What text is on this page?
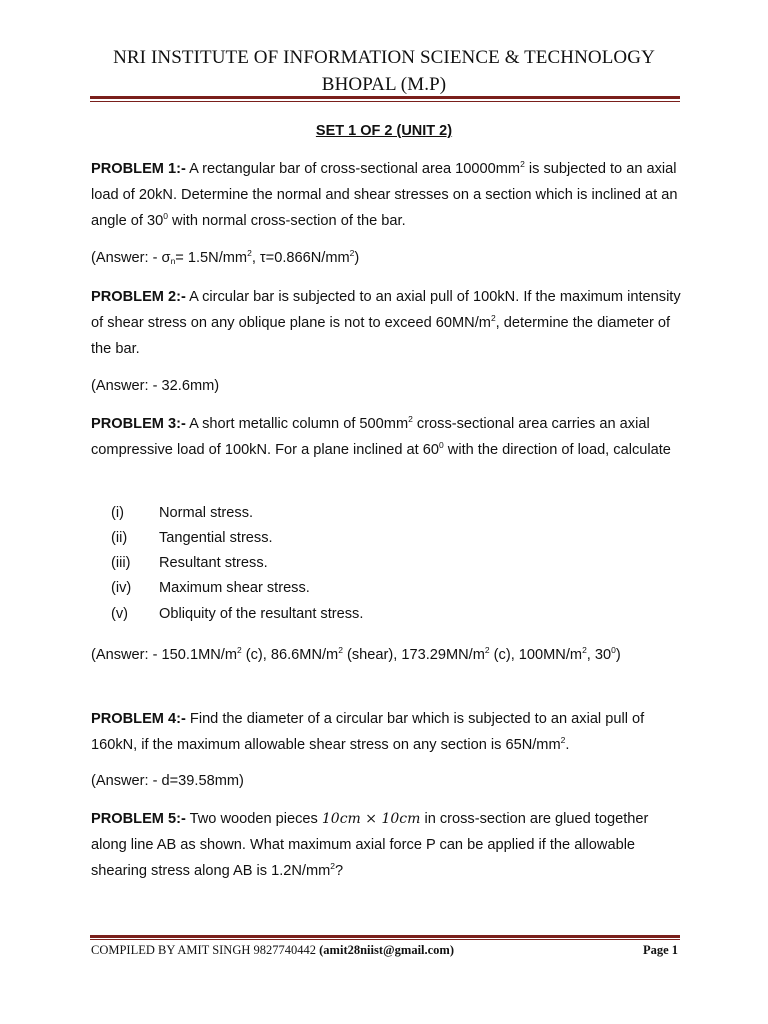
NRI INSTITUTE OF INFORMATION SCIENCE & TECHNOLOGY
BHOPAL (M.P)
SET 1 OF 2 (UNIT 2)
PROBLEM 1:- A rectangular bar of cross-sectional area $10000mm^2$ is subjected to an axial load of 20kN. Determine the normal and shear stresses on a section which is inclined at an angle of $30^0$ with normal cross-section of the bar.
(Answer: - $\sigma_n= 1.5N/mm^2$, $\tau=0.866N/mm^2$)
PROBLEM 2:- A circular bar is subjected to an axial pull of 100kN. If the maximum intensity of shear stress on any oblique plane is not to exceed $60MN/m^2$, determine the diameter of the bar.
(Answer: - 32.6mm)
PROBLEM 3:- A short metallic column of $500mm^2$ cross-sectional area carries an axial compressive load of 100kN. For a plane inclined at $60^0$ with the direction of load, calculate
(i) Normal stress.
(ii) Tangential stress.
(iii) Resultant stress.
(iv) Maximum shear stress.
(v) Obliquity of the resultant stress.
(Answer: - $150.1MN/m^2$ (c), $86.6MN/m^2$ (shear), $173.29MN/m^2$ (c), $100MN/m^2$, $30^0$)
PROBLEM 4:- Find the diameter of a circular bar which is subjected to an axial pull of 160kN, if the maximum allowable shear stress on any section is $65N/mm^2$.
(Answer: - d=39.58mm)
PROBLEM 5:- Two wooden pieces 10cm × 10cm in cross-section are glued together along line AB as shown. What maximum axial force P can be applied if the allowable shearing stress along AB is $1.2N/mm^2$?
COMPILED BY AMIT SINGH 9827740442 (amit28niist@gmail.com)	Page 1
